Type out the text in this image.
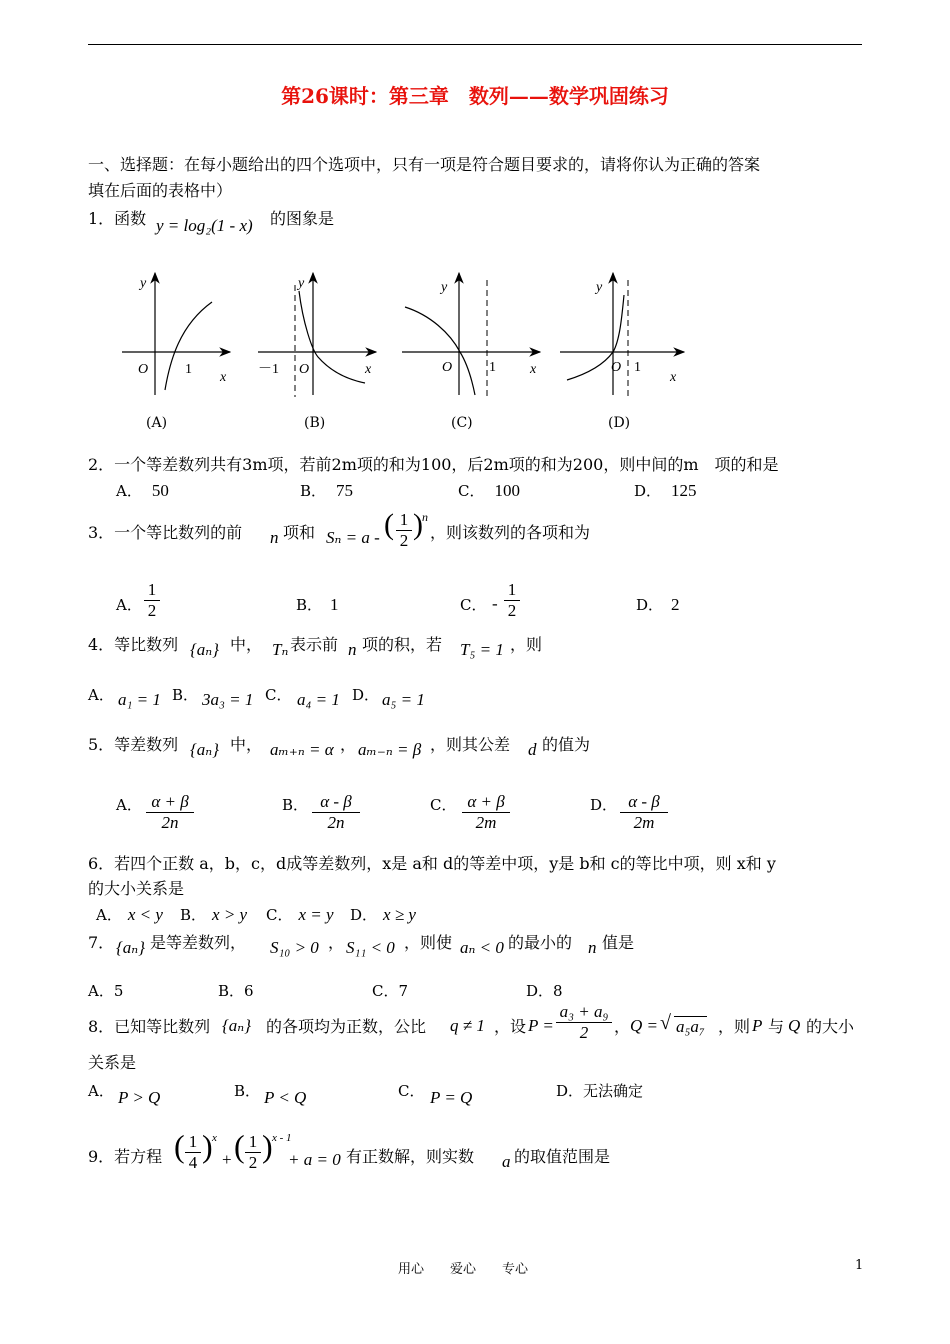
第26课时：第三章　数列——数学巩固练习
一、选择题：在每小题给出的四个选项中，只有一项是符合题目要求的，请将你认为正确的答案
填在后面的表格中）
1．函数 y = log₂(1 - x) 的图象是
y
O	1
x
y
－1 O	x
y
O	1 x
y
O 1
x
(A)	(B)	(C)	(D)
2．一个等差数列共有3m项，若前2m项的和为100，后2m项的和为200，则中间的m　项的和是
A． 50	B． 75	C． 100	D． 125
3．一个等比数列的前 n 项和 Sₙ = a - ( 1
2 ) n
，则该数列的各项和为
A．
1
2	B． 1	C． -
1
2	D． 2
4．等比数列 {aₙ} 中， Tₙ 表示前 n 项的积，若 T₅ = 1 ，则
A． a₁ = 1 B． 3a₃ = 1 C． a₄ = 1 D． a₅ = 1
5．等差数列 {aₙ} 中， aₘ₊ₙ = α ， aₘ₋ₙ = β ，则其公差 d 的值为
A． α + β
2n
B． α - β
2n
C． α + β
2m
D． α - β
2m
6．若四个正数 a，b，c，d成等差数列，x是 a和 d的等差中项，y是 b和 c的等比中项，则 x和 y
的大小关系是
A． x < y B． x > y C． x = y D． x ≥ y
7． {aₙ} 是等差数列， S₁₀ > 0 ， S₁₁ < 0 ，则使 aₙ < 0 的最小的 n 值是
A．5	B．6	C．7	D．8
8．已知等比数列 {aₙ} 的各项均为正数，公比 q ≠ 1 ，设 P =
a₃ + a₉
2	， Q = √ a₅a₇ ，则 P 与 Q 的大小
关系是
A． P > Q	B． P < Q	C． P = Q	D．无法确定
9．若方程 ( 1
4 ) x
+ ( 1
2 ) x - 1
+ a = 0 有正数解，则实数 a 的取值范围是
用心　　爱心　　专心	1
